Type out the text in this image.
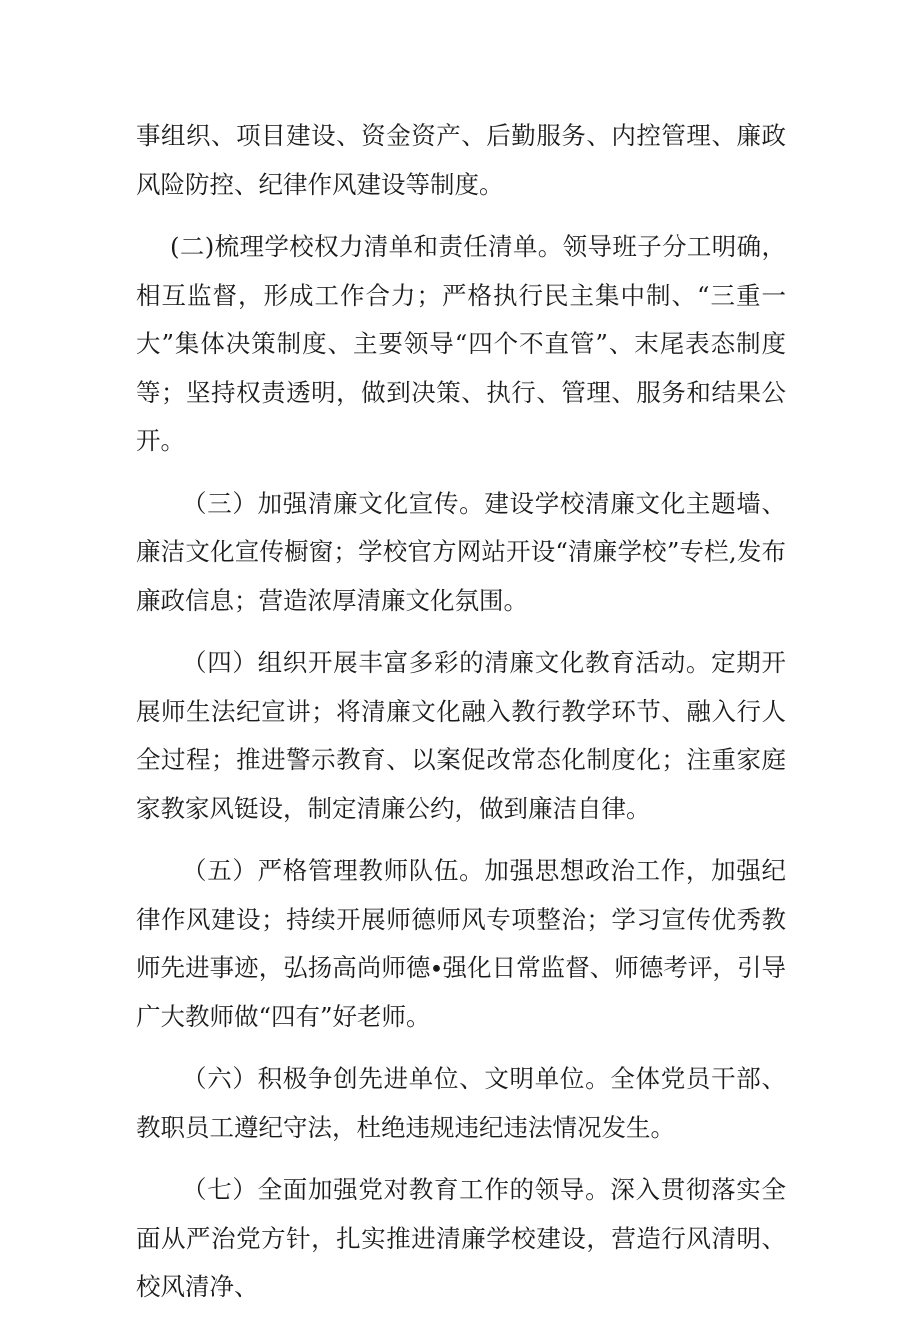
事组织、项目建设、资金资产、后勤服务、内控管理、廉政风险防控、纪律作风建设等制度。

(二)梳理学校权力清单和责任清单。领导班子分工明确，相互监督，形成工作合力；严格执行民主集中制、“三重一大”集体决策制度、主要领导“四个不直管”、末尾表态制度等；坚持权责透明，做到决策、执行、管理、服务和结果公开。

（三）加强清廉文化宣传。建设学校清廉文化主题墙、廉洁文化宣传橱窗；学校官方网站开设“清廉学校”专栏,发布廉政信息；营造浓厚清廉文化氛围。

（四）组织开展丰富多彩的清廉文化教育活动。定期开展师生法纪宣讲；将清廉文化融入教行教学环节、融入行人全过程；推进警示教育、以案促改常态化制度化；注重家庭家教家风铤设，制定清廉公约，做到廉洁自律。

（五）严格管理教师队伍。加强思想政治工作，加强纪律作风建设；持续开展师德师风专项整治；学习宣传优秀教师先进事迹，弘扬高尚师德∙强化日常监督、师德考评，引导广大教师做“四有”好老师。

（六）积极争创先进单位、文明单位。全体党员干部、教职员工遵纪守法，杜绝违规违纪违法情况发生。

（七）全面加强党对教育工作的领导。深入贯彻落实全面从严治党方针，扎实推进清廉学校建设，营造行风清明、校风清净、
